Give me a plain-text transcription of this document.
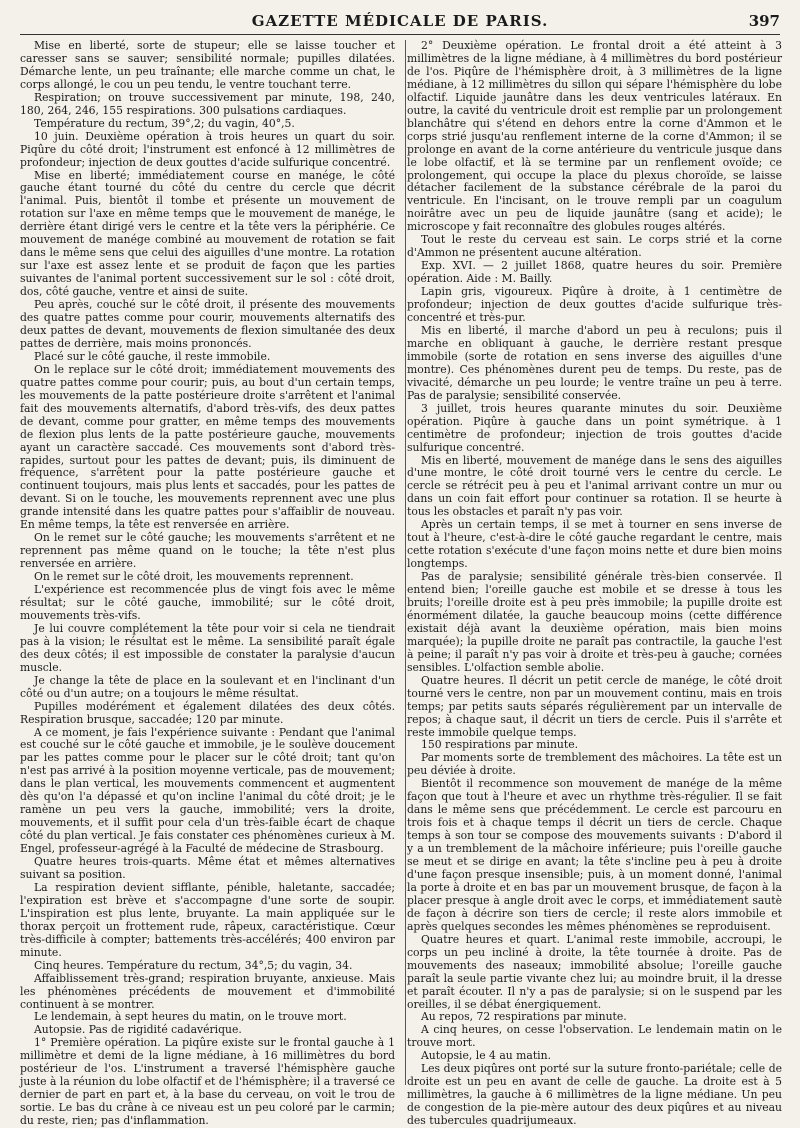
GAZETTE MÉDICALE DE PARIS.	397

Mise en liberté, sorte de stupeur; elle se laisse toucher et caresser sans se sauver; sensibilité normale; pupilles dilatées. Démarche lente, un peu traînante; elle marche comme un chat, le corps allongé, le cou un peu tendu, le ventre touchant terre.

Respiration; on trouve successivement par minute, 198, 240, 180, 264, 246, 155 respirations. 300 pulsations cardiaques.

Température du rectum, 39°,2; du vagin, 40°,5.

10 juin. Deuxième opération à trois heures un quart du soir. Piqûre du côté droit; l'instrument est enfoncé à 12 millimètres de profondeur; injection de deux gouttes d'acide sulfurique concentré.

Mise en liberté; immédiatement course en manége, le côté gauche étant tourné du côté du centre du cercle que décrit l'animal. Puis, bientôt il tombe et présente un mouvement de rotation sur l'axe en même temps que le mouvement de manége, le derrière étant dirigé vers le centre et la tête vers la périphérie. Ce mouvement de manége combiné au mouvement de rotation se fait dans le même sens que celui des aiguilles d'une montre. La rotation sur l'axe est assez lente et se produit de façon que les parties suivantes de l'animal portent successivement sur le sol : côté droit, dos, côté gauche, ventre et ainsi de suite.

Peu après, couché sur le côté droit, il présente des mouvements des quatre pattes comme pour courir, mouvements alternatifs des deux pattes de devant, mouvements de flexion simultanée des deux pattes de derrière, mais moins prononcés.

Placé sur le côté gauche, il reste immobile.

On le replace sur le côté droit; immédiatement mouvements des quatre pattes comme pour courir; puis, au bout d'un certain temps, les mouvements de la patte postérieure droite s'arrêtent et l'animal fait des mouvements alternatifs, d'abord très-vifs, des deux pattes de devant, comme pour gratter, en même temps des mouvements de flexion plus lents de la patte postérieure gauche, mouvements ayant un caractère saccadé. Ces mouvements sont d'abord très-rapides, surtout pour les pattes de devant; puis, ils diminuent de fréquence, s'arrêtent pour la patte postérieure gauche et continuent toujours, mais plus lents et saccadés, pour les pattes de devant. Si on le touche, les mouvements reprennent avec une plus grande intensité dans les quatre pattes pour s'affaiblir de nouveau. En même temps, la tête est renversée en arrière.

On le remet sur le côté gauche; les mouvements s'arrêtent et ne reprennent pas même quand on le touche; la tête n'est plus renversée en arrière.

On le remet sur le côté droit, les mouvements reprennent.

L'expérience est recommencée plus de vingt fois avec le même résultat; sur le côté gauche, immobilité; sur le côté droit, mouvements très-vifs.

Je lui couvre complétement la tête pour voir si cela ne tiendrait pas à la vision; le résultat est le même. La sensibilité paraît égale des deux côtés; il est impossible de constater la paralysie d'aucun muscle.

Je change la tête de place en la soulevant et en l'inclinant d'un côté ou d'un autre; on a toujours le même résultat.

Pupilles modérément et également dilatées des deux côtés. Respiration brusque, saccadée; 120 par minute.

A ce moment, je fais l'expérience suivante : Pendant que l'animal est couché sur le côté gauche et immobile, je le soulève doucement par les pattes comme pour le placer sur le côté droit; tant qu'on n'est pas arrivé à la position moyenne verticale, pas de mouvement; dans le plan vertical, les mouvements commencent et augmentent dès qu'on l'a dépassé et qu'on incline l'animal du côté droit; je le ramène un peu vers la gauche, immobilité; vers la droite, mouvements, et il suffit pour cela d'un très-faible écart de chaque côté du plan vertical. Je fais constater ces phénomènes curieux à M. Engel, professeur-agrégé à la Faculté de médecine de Strasbourg.

Quatre heures trois-quarts. Même état et mêmes alternatives suivant sa position.

La respiration devient sifflante, pénible, haletante, saccadée; l'expiration est brève et s'accompagne d'une sorte de soupir. L'inspiration est plus lente, bruyante. La main appliquée sur le thorax perçoit un frottement rude, râpeux, caractéristique. Cœur très-difficile à compter; battements très-accélérés; 400 environ par minute.

Cinq heures. Température du rectum, 34°,5; du vagin, 34.

Affaiblissement très-grand; respiration bruyante, anxieuse. Mais les phénomènes précédents de mouvement et d'immobilité continuent à se montrer.

Le lendemain, à sept heures du matin, on le trouve mort.

Autopsie. Pas de rigidité cadavérique.

1° Première opération. La piqûre existe sur le frontal gauche à 1 millimètre et demi de la ligne médiane, à 16 millimètres du bord postérieur de l'os. L'instrument a traversé l'hémisphère gauche juste à la réunion du lobe olfactif et de l'hémisphère; il a traversé ce dernier de part en part et, à la base du cerveau, on voit le trou de sortie. Le bas du crâne à ce niveau est un peu coloré par le carmin; du reste, rien; pas d'inflammation.

2° Deuxième opération. Le frontal droit a été atteint à 3 millimètres de la ligne médiane, à 4 millimètres du bord postérieur de l'os. Piqûre de l'hémisphère droit, à 3 millimètres de la ligne médiane, à 12 millimètres du sillon qui sépare l'hémisphère du lobe olfactif. Liquide jaunâtre dans les deux ventricules latéraux. En outre, la cavité du ventricule droit est remplie par un prolongement blanchâtre qui s'étend en dehors entre la corne d'Ammon et le corps strié jusqu'au renflement interne de la corne d'Ammon; il se prolonge en avant de la corne antérieure du ventricule jusque dans le lobe olfactif, et là se termine par un renflement ovoïde; ce prolongement, qui occupe la place du plexus choroïde, se laisse détacher facilement de la substance cérébrale de la paroi du ventricule. En l'incisant, on le trouve rempli par un coagulum noirâtre avec un peu de liquide jaunâtre (sang et acide); le microscope y fait reconnaître des globules rouges altérés.

Tout le reste du cerveau est sain. Le corps strié et la corne d'Ammon ne présentent aucune altération.

Exp. XVI. — 2 juillet 1868, quatre heures du soir. Première opération. Aide : M. Bailly.

Lapin gris, vigoureux. Piqûre à droite, à 1 centimètre de profondeur; injection de deux gouttes d'acide sulfurique très-concentré et très-pur.

Mis en liberté, il marche d'abord un peu à reculons; puis il marche en obliquant à gauche, le derrière restant presque immobile (sorte de rotation en sens inverse des aiguilles d'une montre). Ces phénomènes durent peu de temps. Du reste, pas de vivacité, démarche un peu lourde; le ventre traîne un peu à terre. Pas de paralysie; sensibilité conservée.

3 juillet, trois heures quarante minutes du soir. Deuxième opération. Piqûre à gauche dans un point symétrique. à 1 centimètre de profondeur; injection de trois gouttes d'acide sulfurique concentré.

Mis en liberté, mouvement de manége dans le sens des aiguilles d'une montre, le côté droit tourné vers le centre du cercle. Le cercle se rétrécit peu à peu et l'animal arrivant contre un mur ou dans un coin fait effort pour continuer sa rotation. Il se heurte à tous les obstacles et paraît n'y pas voir.

Après un certain temps, il se met à tourner en sens inverse de tout à l'heure, c'est-à-dire le côté gauche regardant le centre, mais cette rotation s'exécute d'une façon moins nette et dure bien moins longtemps.

Pas de paralysie; sensibilité générale très-bien conservée. Il entend bien; l'oreille gauche est mobile et se dresse à tous les bruits; l'oreille droite est à peu près immobile; la pupille droite est énormément dilatée, la gauche beaucoup moins (cette différence existait déjà avant la deuxième opération, mais bien moins marquée); la pupille droite ne paraît pas contractile, la gauche l'est à peine; il paraît n'y pas voir à droite et très-peu à gauche; cornées sensibles. L'olfaction semble abolie.

Quatre heures. Il décrit un petit cercle de manége, le côté droit tourné vers le centre, non par un mouvement continu, mais en trois temps; par petits sauts séparés régulièrement par un intervalle de repos; à chaque saut, il décrit un tiers de cercle. Puis il s'arrête et reste immobile quelque temps.

150 respirations par minute.

Par moments sorte de tremblement des mâchoires. La tête est un peu déviée à droite.

Bientôt il recommence son mouvement de manége de la même façon que tout à l'heure et avec un rhythme très-régulier. Il se fait dans le même sens que précédemment. Le cercle est parcouru en trois fois et à chaque temps il décrit un tiers de cercle. Chaque temps à son tour se compose des mouvements suivants : D'abord il y a un tremblement de la mâchoire inférieure; puis l'oreille gauche se meut et se dirige en avant; la tête s'incline peu à peu à droite d'une façon presque insensible; puis, à un moment donné, l'animal la porte à droite et en bas par un mouvement brusque, de façon à la placer presque à angle droit avec le corps, et immédiatement sautè de façon à décrire son tiers de cercle; il reste alors immobile et après quelques secondes les mêmes phénomènes se reproduisent.

Quatre heures et quart. L'animal reste immobile, accroupi, le corps un peu incliné à droite, la tête tournée à droite. Pas de mouvements des naseaux; immobilité absolue; l'oreille gauche paraît la seule partie vivante chez lui; au moindre bruit, il la dresse et paraît écouter. Il n'y a pas de paralysie; si on le suspend par les oreilles, il se débat énergiquement.

Au repos, 72 respirations par minute.

A cinq heures, on cesse l'observation. Le lendemain matin on le trouve mort.

Autopsie, le 4 au matin.

Les deux piqûres ont porté sur la suture fronto-pariétale; celle de droite est un peu en avant de celle de gauche. La droite est à 5 millimètres, la gauche à 6 millimètres de la ligne médiane. Un peu de congestion de la pie-mère autour des deux piqûres et au niveau des tubercules quadrijumeaux.
